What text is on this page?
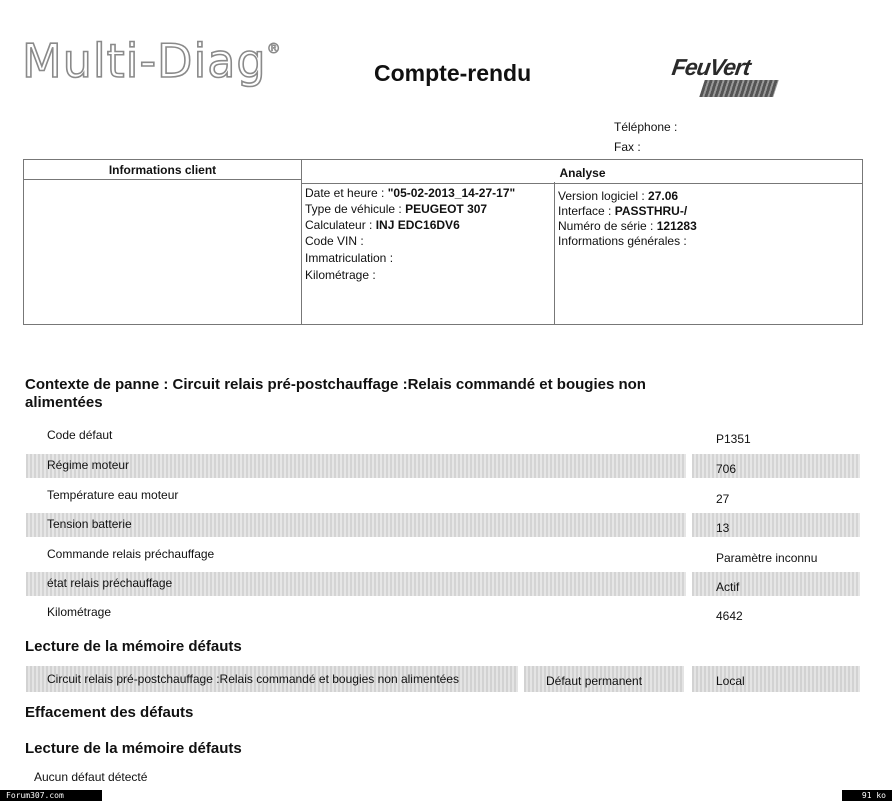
Multi-Diag®
Compte-rendu	FeuVert
Téléphone :
Fax :
Informations client	Analyse
Date et heure : "05-02-2013_14-27-17"
Type de véhicule : PEUGEOT 307
Calculateur : INJ EDC16DV6
Code VIN :
Immatriculation :
Kilométrage :
Version logiciel : 27.06
Interface : PASSTHRU-/
Numéro de série : 121283
Informations générales :
Contexte de panne : Circuit relais pré-postchauffage :Relais commandé et bougies non
alimentées
Code défaut	P1351
Régime moteur	706
Température eau moteur	27
Tension batterie	13
Commande relais préchauffage	Paramètre inconnu
état relais préchauffage	Actif
Kilométrage	4642
Lecture de la mémoire défauts
Circuit relais pré-postchauffage :Relais commandé et bougies non alimentées	Défaut permanent	Local
Effacement des défauts
Lecture de la mémoire défauts
Aucun défaut détecté
Forum307.com	91 ko
